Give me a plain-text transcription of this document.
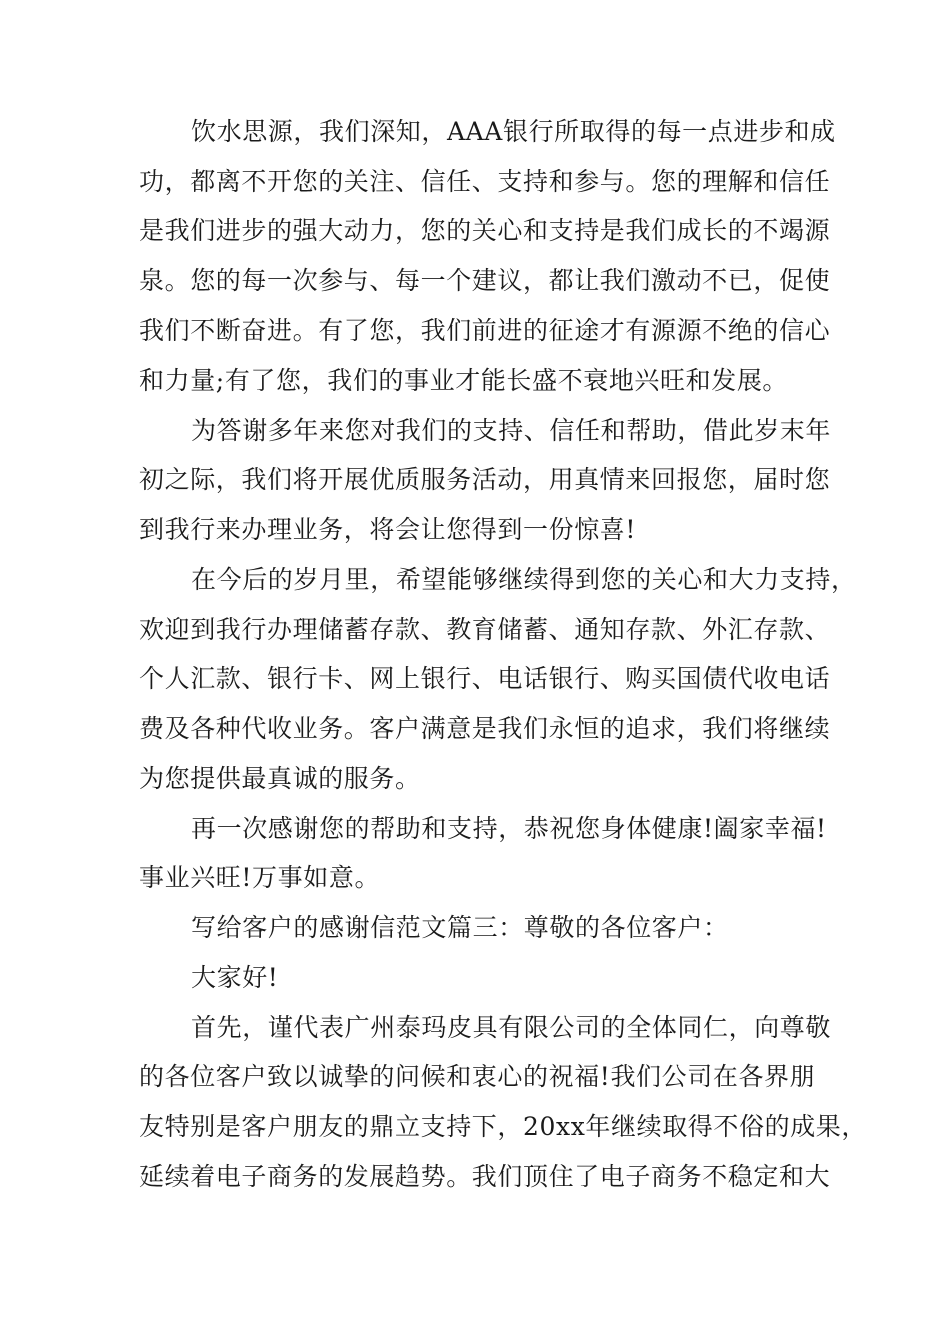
饮水思源，我们深知，AAA银行所取得的每一点进步和成

功，都离不开您的关注、信任、支持和参与。您的理解和信任

是我们进步的强大动力，您的关心和支持是我们成长的不竭源

泉。您的每一次参与、每一个建议，都让我们激动不已，促使

我们不断奋进。有了您，我们前进的征途才有源源不绝的信心

和力量;有了您，我们的事业才能长盛不衰地兴旺和发展。

为答谢多年来您对我们的支持、信任和帮助，借此岁末年

初之际，我们将开展优质服务活动，用真情来回报您，届时您

到我行来办理业务，将会让您得到一份惊喜!

在今后的岁月里，希望能够继续得到您的关心和大力支持，

欢迎到我行办理储蓄存款、教育储蓄、通知存款、外汇存款、

个人汇款、银行卡、网上银行、电话银行、购买国债代收电话

费及各种代收业务。客户满意是我们永恒的追求，我们将继续

为您提供最真诚的服务。

再一次感谢您的帮助和支持，恭祝您身体健康!阖家幸福!

事业兴旺!万事如意。

写给客户的感谢信范文篇三：尊敬的各位客户：

大家好!

首先，谨代表广州泰玛皮具有限公司的全体同仁，向尊敬

的各位客户致以诚挚的问候和衷心的祝福!我们公司在各界朋

友特别是客户朋友的鼎立支持下，20xx年继续取得不俗的成果，

延续着电子商务的发展趋势。我们顶住了电子商务不稳定和大
